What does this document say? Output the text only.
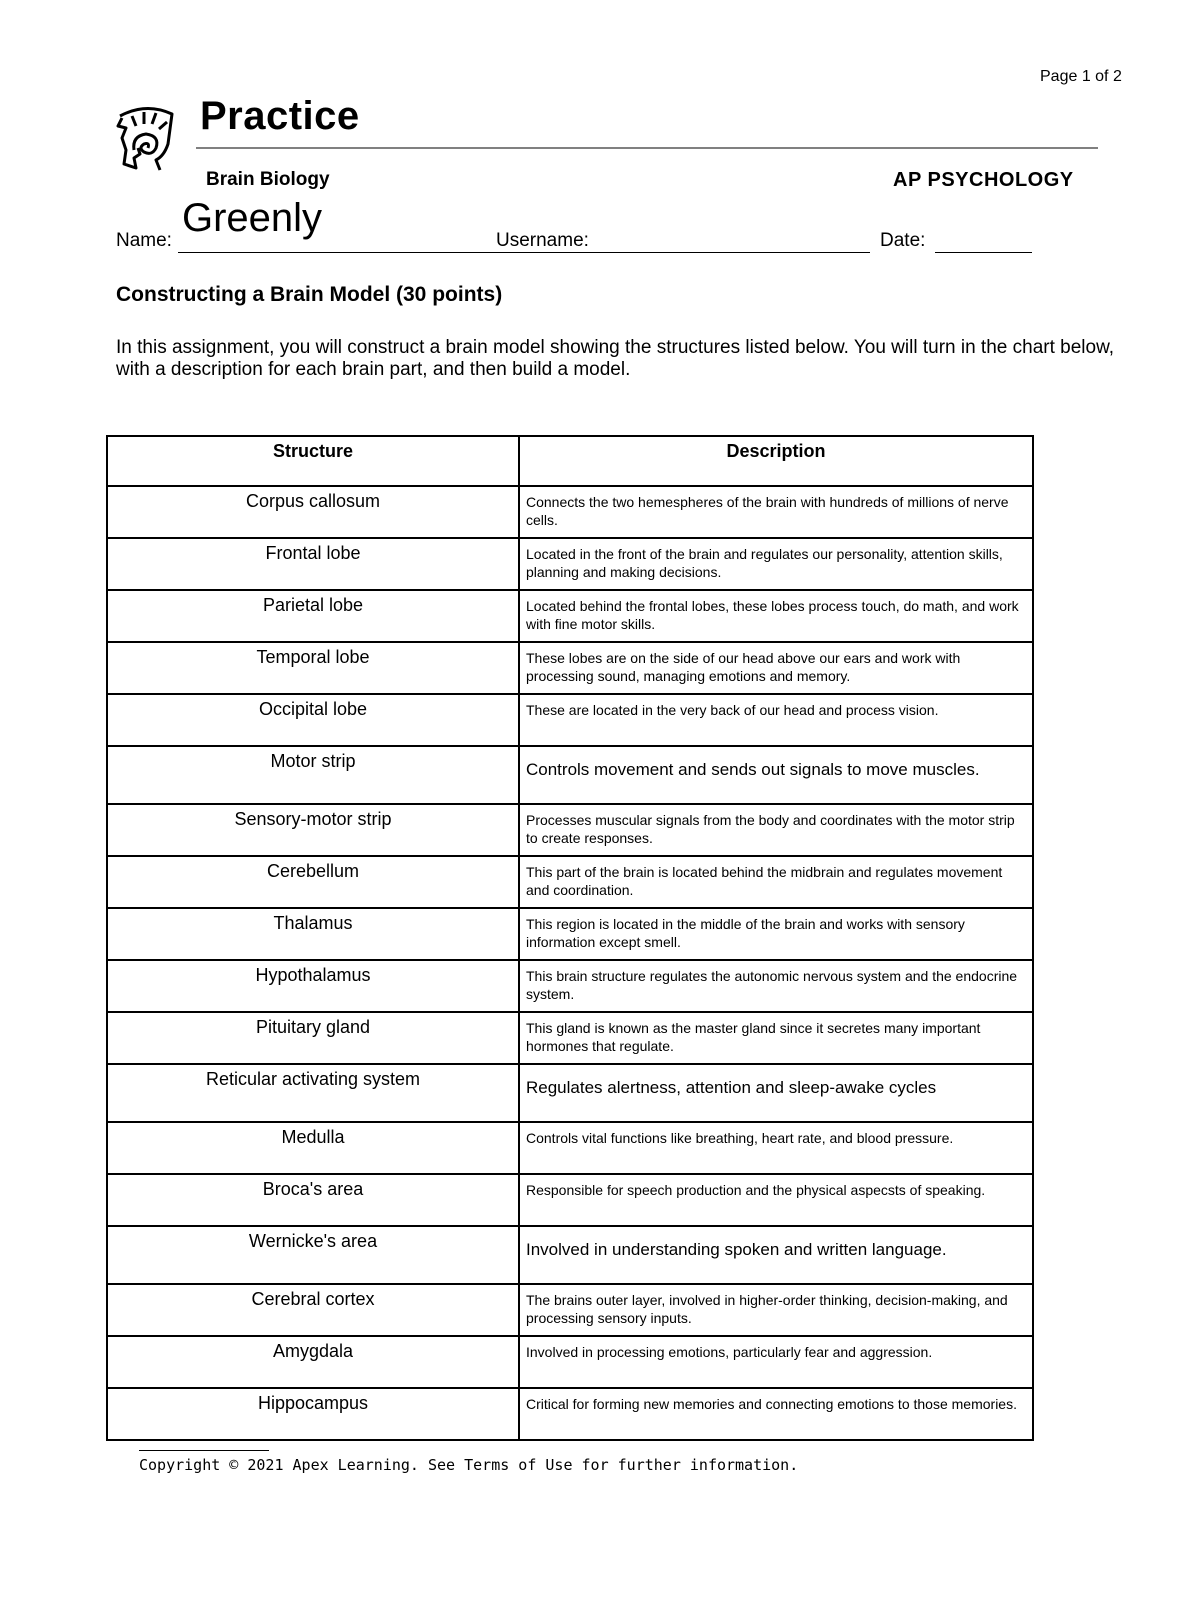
Page 1 of 2
Practice
Brain Biology	AP PSYCHOLOGY
Name:
Greenly
Username:	Date:
Constructing a Brain Model (30 points)
In this assignment, you will construct a brain model showing the structures listed below. You will turn in the chart below, with a description for each brain part, and then build a model.
Structure	Description
Corpus callosum	Connects the two hemespheres of the brain with hundreds of millions of nerve cells.
Frontal lobe	Located in the front of the brain and regulates our personality, attention skills, planning and making decisions.
Parietal lobe	Located behind the frontal lobes, these lobes process touch, do math, and work with fine motor skills.
Temporal lobe	These lobes are on the side of our head above our ears and work with processing sound, managing emotions and memory.
Occipital lobe	These are located in the very back of our head and process vision.
Motor strip	Controls movement and sends out signals to move muscles.
Sensory-motor strip	Processes muscular signals from the body and coordinates with the motor strip to create responses.
Cerebellum	This part of the brain is located behind the midbrain and regulates movement and coordination.
Thalamus	This region is located in the middle of the brain and works with sensory information except smell.
Hypothalamus	This brain structure regulates the autonomic nervous system and the endocrine system.
Pituitary gland	This gland is known as the master gland since it secretes many important hormones that regulate.
Reticular activating system	Regulates alertness, attention and sleep-awake cycles
Medulla	Controls vital functions like breathing, heart rate, and blood pressure.
Broca's area	Responsible for speech production and the physical aspecsts of speaking.
Wernicke's area	Involved in understanding spoken and written language.
Cerebral cortex	The brains outer layer, involved in higher-order thinking, decision-making, and processing sensory inputs.
Amygdala	Involved in processing emotions, particularly fear and aggression.
Hippocampus	Critical for forming new memories and connecting emotions to those memories.
Copyright © 2021 Apex Learning. See Terms of Use for further information.
